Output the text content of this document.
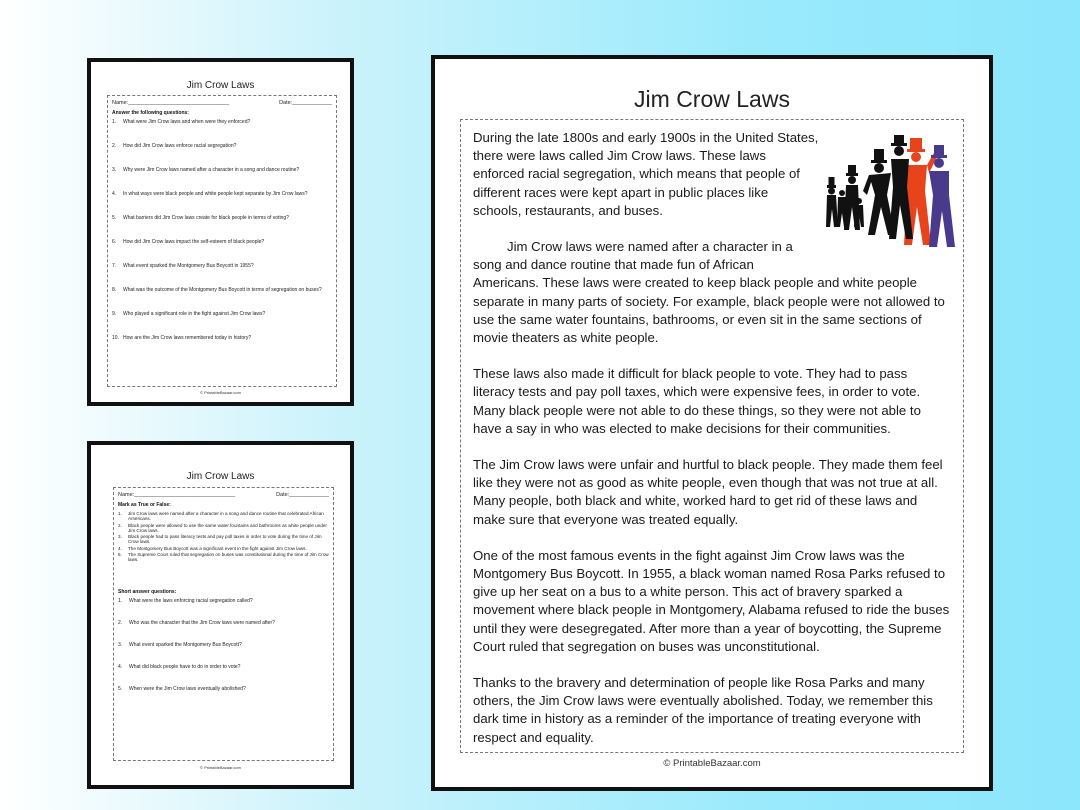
Jim Crow Laws
Name:_________________________________	Date:_____________
Answer the following questions:
1.	What were Jim Crow laws and when were they enforced?
2.	How did Jim Crow laws enforce racial segregation?
3.	Why were Jim Crow laws named after a character in a song and dance routine?
4.	In what ways were black people and white people kept separate by Jim Crow laws?
5.	What barriers did Jim Crow laws create for black people in terms of voting?
6.	How did Jim Crow laws impact the self-esteem of black people?
7.	What event sparked the Montgomery Bus Boycott in 1955?
8.	What was the outcome of the Montgomery Bus Boycott in terms of segregation on buses?
9.	Who played a significant role in the fight against Jim Crow laws?
10. How are the Jim Crow laws remembered today in history?
© PrintableBazaar.com
Jim Crow Laws
Name:_________________________________	Date:_____________
Mark as True or False:
1.	Jim Crow laws were named after a character in a song and dance routine that celebrated African Americans.
2.	Black people were allowed to use the same water fountains and bathrooms as white people under Jim Crow laws.
3.	Black people had to pass literacy tests and pay poll taxes in order to vote during the time of Jim Crow laws.
4.	The Montgomery Bus Boycott was a significant event in the fight against Jim Crow laws.
5.	The Supreme Court ruled that segregation on buses was constitutional during the time of Jim Crow laws.
Short answer questions:
1.	What were the laws enforcing racial segregation called?
2.	Who was the character that the Jim Crow laws were named after?
3.	What event sparked the Montgomery Bus Boycott?
4.	What did black people have to do in order to vote?
5.	When were the Jim Crow laws eventually abolished?
© PrintableBazaar.com
Jim Crow Laws

During the late 1800s and early 1900s in the United States, there were laws called Jim Crow laws. These laws enforced racial segregation, which means that people of different races were kept apart in public places like schools, restaurants, and buses.

Jim Crow laws were named after a character in a song and dance routine that made fun of African Americans. These laws were created to keep black people and white people separate in many parts of society. For example, black people were not allowed to use the same water fountains, bathrooms, or even sit in the same sections of movie theaters as white people.

These laws also made it difficult for black people to vote. They had to pass literacy tests and pay poll taxes, which were expensive fees, in order to vote. Many black people were not able to do these things, so they were not able to have a say in who was elected to make decisions for their communities.

The Jim Crow laws were unfair and hurtful to black people. They made them feel like they were not as good as white people, even though that was not true at all. Many people, both black and white, worked hard to get rid of these laws and make sure that everyone was treated equally.

One of the most famous events in the fight against Jim Crow laws was the Montgomery Bus Boycott. In 1955, a black woman named Rosa Parks refused to give up her seat on a bus to a white person. This act of bravery sparked a movement where black people in Montgomery, Alabama refused to ride the buses until they were desegregated. After more than a year of boycotting, the Supreme Court ruled that segregation on buses was unconstitutional.

Thanks to the bravery and determination of people like Rosa Parks and many others, the Jim Crow laws were eventually abolished. Today, we remember this dark time in history as a reminder of the importance of treating everyone with respect and equality.

© PrintableBazaar.com
